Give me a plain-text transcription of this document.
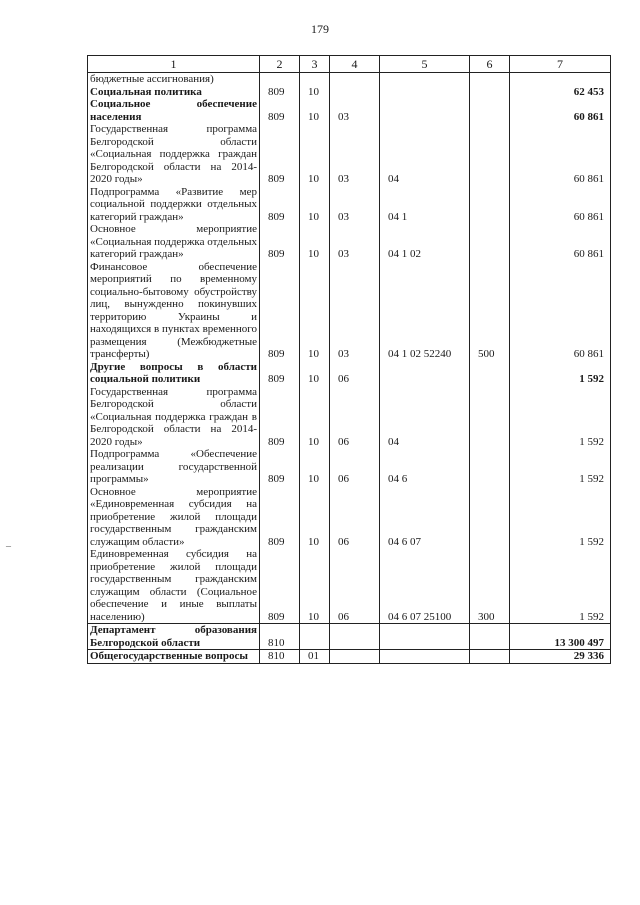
179
1	2	3	4	5	6	7
бюджетные ассигнования)						
Социальная политика	809	10				62 453
Социальное обеспечение населения	809	10	03			60 861
Государственная программа Белгородской области «Социальная поддержка граждан Белгородской области на 2014-2020 годы»	809	10	03	04		60 861
Подпрограмма «Развитие мер социальной поддержки отдельных категорий граждан»	809	10	03	04 1		60 861
Основное мероприятие «Социальная поддержка отдельных категорий граждан»	809	10	03	04 1 02		60 861
Финансовое обеспечение мероприятий по временному социально-бытовому обустройству лиц, вынужденно покинувших территорию Украины и находящихся в пунктах временного размещения (Межбюджетные трансферты)	809	10	03	04 1 02 52240	500	60 861
Другие вопросы в области социальной политики	809	10	06			1 592
Государственная программа Белгородской области «Социальная поддержка граждан в Белгородской области на 2014-2020 годы»	809	10	06	04		1 592
Подпрограмма «Обеспечение реализации государственной программы»	809	10	06	04 6		1 592
Основное мероприятие «Единовременная субсидия на приобретение жилой площади государственным гражданским служащим области»	809	10	06	04 6 07		1 592
Единовременная субсидия на приобретение жилой площади государственным гражданским служащим области (Социальное обеспечение и иные выплаты населению)	809	10	06	04 6 07 25100	300	1 592
Департамент образования Белгородской области	810					13 300 497
Общегосударственные вопросы	810	01				29 336
–
